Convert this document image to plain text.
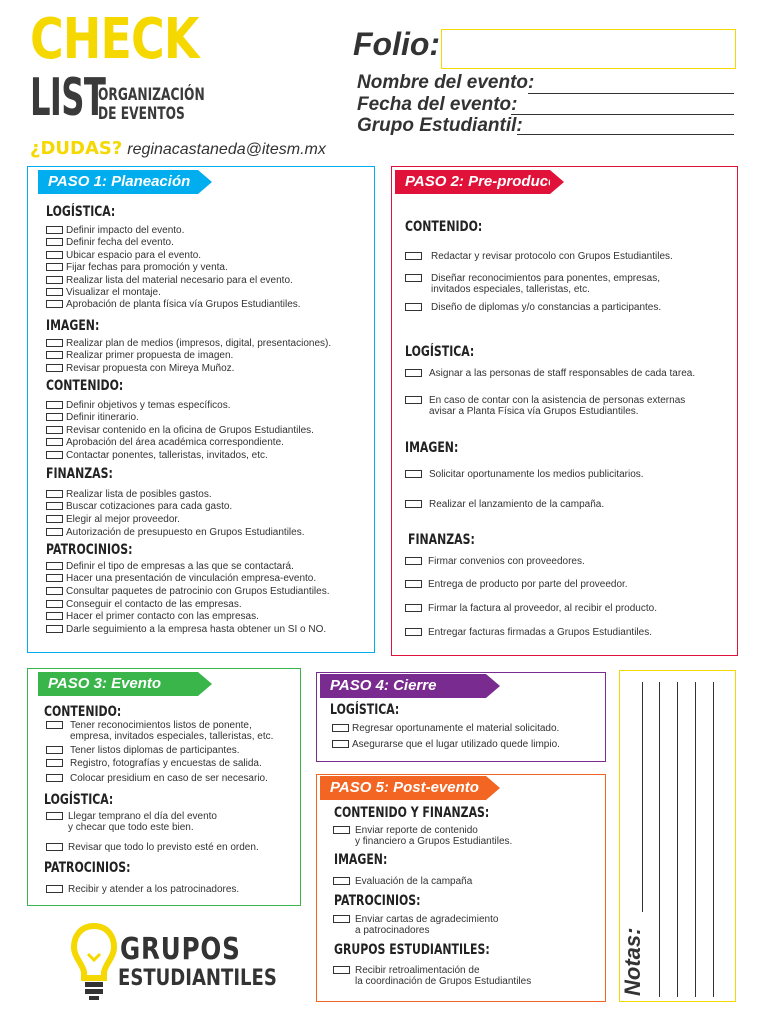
CHECK
LIST
ORGANIZACIÓN
DE EVENTOS
¿DUDAS? reginacastaneda@itesm.mx
Folio:
Nombre del evento:
Fecha del evento:
Grupo Estudiantil:
PASO 1: Planeación
LOGÍSTICA:
Definir impacto del evento.
Definir fecha del evento.
Ubicar espacio para el evento.
Fijar fechas para promoción y venta.
Realizar lista del material necesario para el evento.
Visualizar el montaje.
Aprobación de planta física vía Grupos Estudiantiles.
IMAGEN:
Realizar plan de medios (impresos, digital, presentaciones).
Realizar primer propuesta de imagen.
Revisar propuesta con Mireya Muñoz.
CONTENIDO:
Definir objetivos y temas específicos.
Definir itinerario.
Revisar contenido en la oficina de Grupos Estudiantiles.
Aprobación del área académica correspondiente.
Contactar ponentes, talleristas, invitados, etc.
FINANZAS:
Realizar lista de posibles gastos.
Buscar cotizaciones para cada gasto.
Elegir al mejor proveedor.
Autorización de presupuesto en Grupos Estudiantiles.
PATROCINIOS:
Definir el tipo de empresas a las que se contactará.
Hacer una presentación de vinculación empresa-evento.
Consultar paquetes de patrocinio con Grupos Estudiantiles.
Conseguir el contacto de las empresas.
Hacer el primer contacto con las empresas.
Darle seguimiento a la empresa hasta obtener un SI o NO.
PASO 2: Pre-producción
CONTENIDO:
Redactar y revisar protocolo con Grupos Estudiantiles.
Diseñar reconocimientos para ponentes, empresas,
invitados especiales, talleristas, etc.
Diseño de diplomas y/o constancias a participantes.
LOGÍSTICA:
Asignar a las personas de staff responsables de cada tarea.
En caso de contar con la asistencia de personas externas
avisar a Planta Física vía Grupos Estudiantiles.
IMAGEN:
Solicitar oportunamente los medios publicitarios.
Realizar el lanzamiento de la campaña.
FINANZAS:
Firmar convenios con proveedores.
Entrega de producto por parte del proveedor.
Firmar la factura al proveedor, al recibir el producto.
Entregar facturas firmadas a Grupos Estudiantiles.
PASO 3: Evento
CONTENIDO:
Tener reconocimientos listos de ponente,
empresa, invitados especiales, talleristas, etc.
Tener listos diplomas de participantes.
Registro, fotografías y encuestas de salida.
Colocar presidium en caso de ser necesario.
LOGÍSTICA:
Llegar temprano el día del evento
y checar que todo este bien.
Revisar que todo lo previsto esté en orden.
PATROCINIOS:
Recibir y atender a los patrocinadores.
PASO 4: Cierre
LOGÍSTICA:
Regresar oportunamente el material solicitado.
Asegurarse que el lugar utilizado quede limpio.
PASO 5: Post-evento
CONTENIDO Y FINANZAS:
Enviar reporte de contenido
y financiero a Grupos Estudiantiles.
IMAGEN:
Evaluación de la campaña
PATROCINIOS:
Enviar cartas de agradecimiento
a patrocinadores
GRUPOS ESTUDIANTILES:
Recibir retroalimentación de
la coordinación de Grupos Estudiantiles	Notas:
GRUPOS
ESTUDIANTILES
